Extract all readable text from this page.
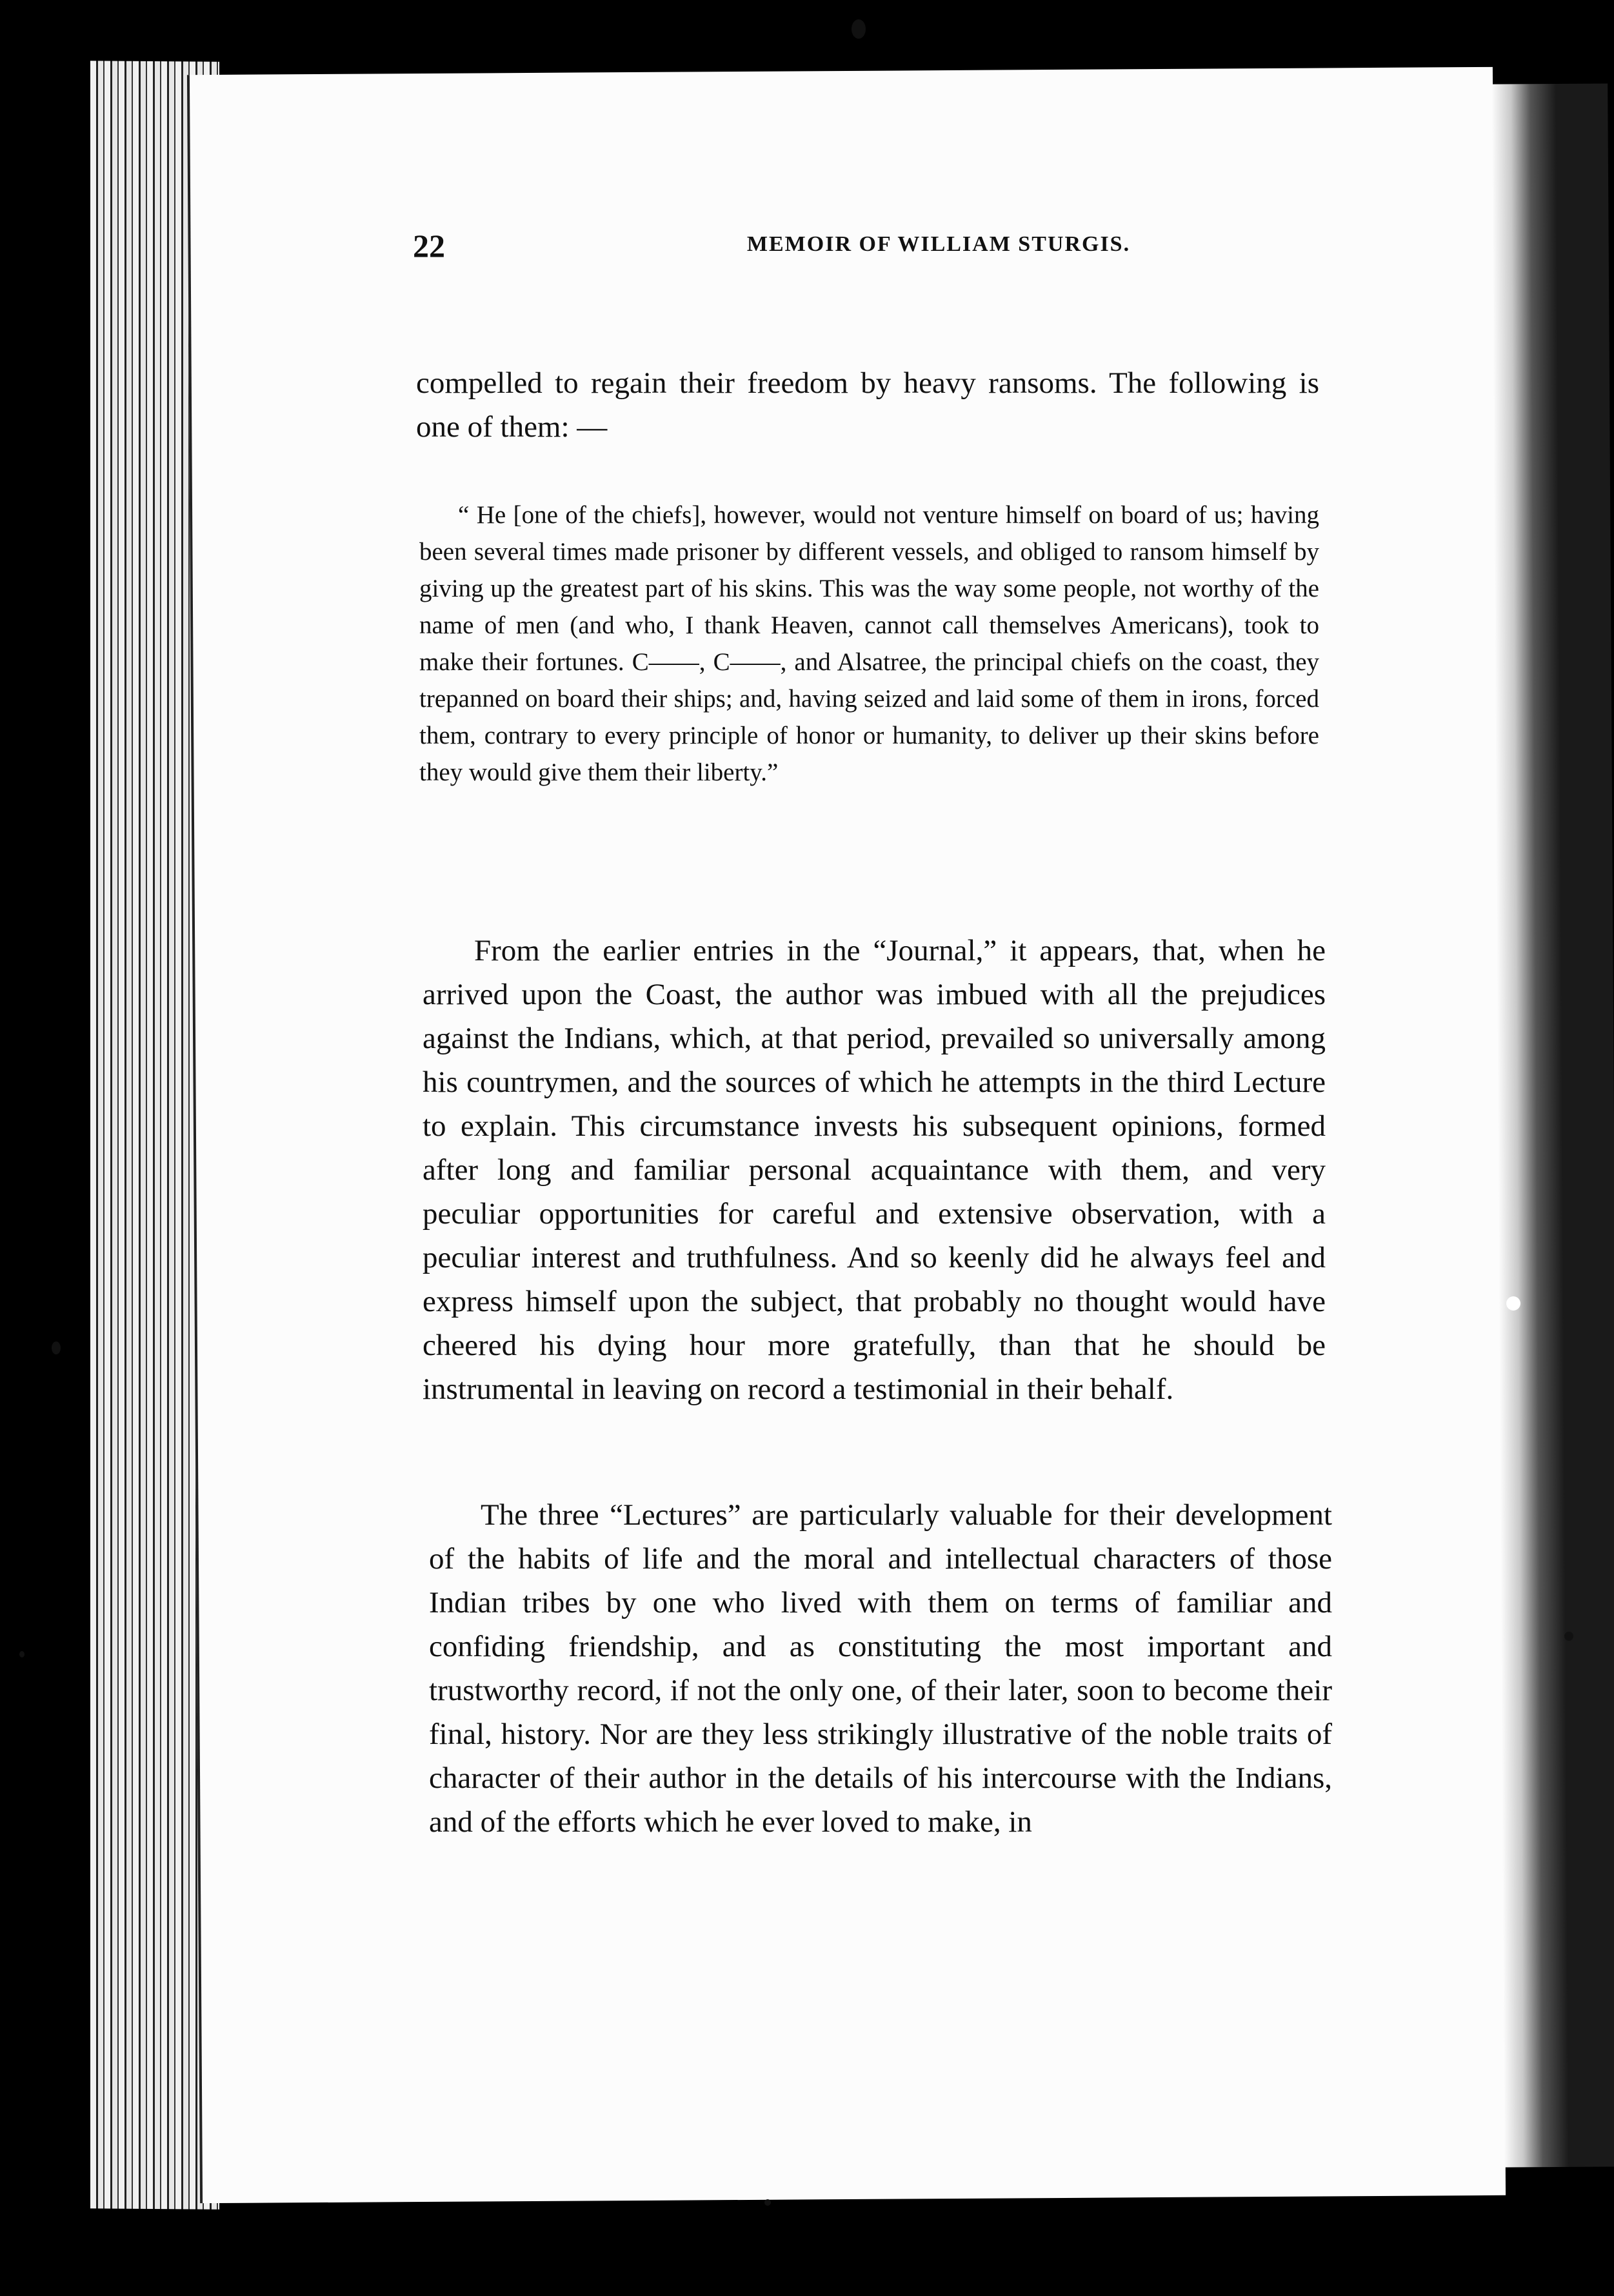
22	MEMOIR OF WILLIAM STURGIS.

compelled to regain their freedom by heavy ransoms. The following is one of them: —

“ He [one of the chiefs], however, would not venture himself on board of us; having been several times made prisoner by different vessels, and obliged to ransom himself by giving up the greatest part of his skins. This was the way some people, not worthy of the name of men (and who, I thank Heaven, cannot call themselves Americans), took to make their fortunes. C——, C——, and Alsatree, the principal chiefs on the coast, they trepanned on board their ships; and, having seized and laid some of them in irons, forced them, contrary to every principle of honor or humanity, to deliver up their skins before they would give them their liberty.”

From the earlier entries in the “Journal,” it appears, that, when he arrived upon the Coast, the author was imbued with all the prejudices against the Indians, which, at that period, prevailed so universally among his countrymen, and the sources of which he attempts in the third Lecture to explain. This circumstance invests his subsequent opinions, formed after long and familiar personal acquaintance with them, and very peculiar opportunities for careful and extensive observation, with a peculiar interest and truthfulness. And so keenly did he always feel and express himself upon the subject, that probably no thought would have cheered his dying hour more gratefully, than that he should be instrumental in leaving on record a testimonial in their behalf.

The three “Lectures” are particularly valuable for their development of the habits of life and the moral and intellectual characters of those Indian tribes by one who lived with them on terms of familiar and confiding friendship, and as constituting the most important and trustworthy record, if not the only one, of their later, soon to become their final, history. Nor are they less strikingly illustrative of the noble traits of character of their author in the details of his intercourse with the Indians, and of the efforts which he ever loved to make, in
